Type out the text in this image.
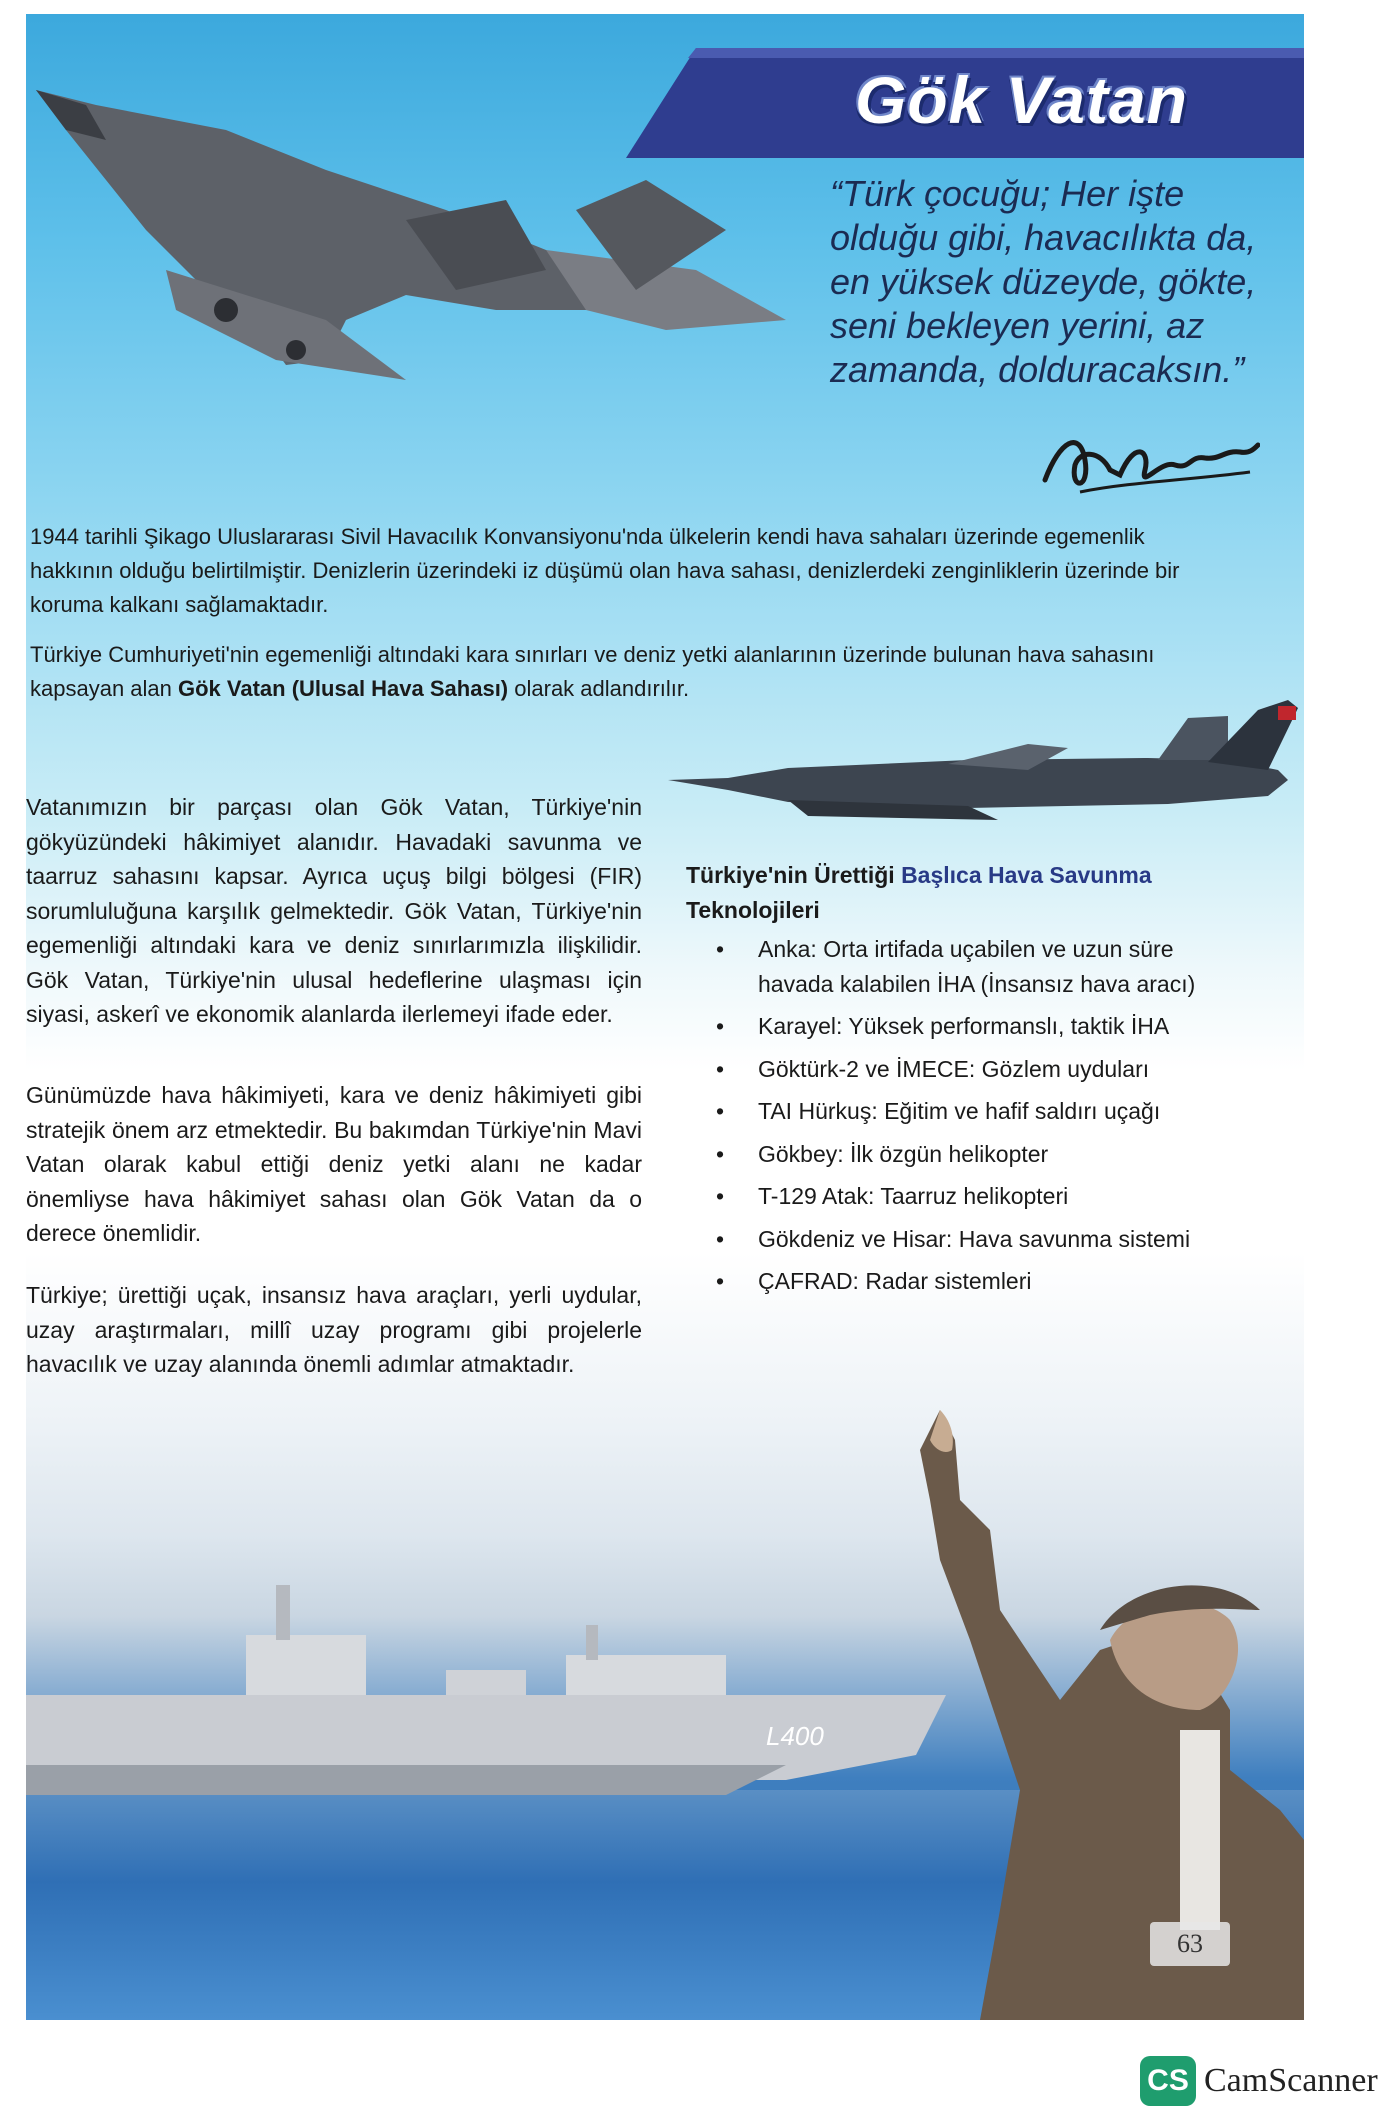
Gök Vatan
“Türk çocuğu; Her işte
olduğu gibi, havacılıkta da,
en yüksek düzeyde, gökte,
seni bekleyen yerini, az
zamanda, dolduracaksın.”

1944 tarihli Şikago Uluslararası Sivil Havacılık Konvansiyonu'nda ülkelerin kendi hava sahaları üzerinde egemenlik hakkının olduğu belirtilmiştir. Denizlerin üzerindeki iz düşümü olan hava sahası, denizlerdeki zenginliklerin üzerinde bir koruma kalkanı sağlamaktadır.

Türkiye Cumhuriyeti'nin egemenliği altındaki kara sınırları ve deniz yetki alanlarının üzerinde bulunan hava sahasını kapsayan alan Gök Vatan (Ulusal Hava Sahası) olarak adlandırılır.

Vatanımızın bir parçası olan Gök Vatan, Türkiye'nin gökyüzündeki hâkimiyet alanıdır. Havadaki savunma ve taarruz sahasını kapsar. Ayrıca uçuş bilgi bölgesi (FIR) sorumluluğuna karşılık gelmektedir. Gök Vatan, Türkiye'nin egemenliği altındaki kara ve deniz sınırlarımızla ilişkilidir. Gök Vatan, Türkiye'nin ulusal hedeflerine ulaşması için siyasi, askerî ve ekonomik alanlarda ilerlemeyi ifade eder.

Günümüzde hava hâkimiyeti, kara ve deniz hâkimiyeti gibi stratejik önem arz etmektedir. Bu bakımdan Türkiye'nin Mavi Vatan olarak kabul ettiği deniz yetki alanı ne kadar önemliyse hava hâkimiyet sahası olan Gök Vatan da o derece önemlidir.

Türkiye; ürettiği uçak, insansız hava araçları, yerli uydular, uzay araştırmaları, millî uzay programı gibi projelerle havacılık ve uzay alanında önemli adımlar atmaktadır.

Türkiye'nin Ürettiği Başlıca Hava Savunma
Teknolojileri

• Anka: Orta irtifada uçabilen ve uzun süre havada kalabilen İHA (İnsansız hava aracı)
• Karayel: Yüksek performanslı, taktik İHA
• Göktürk-2 ve İMECE: Gözlem uyduları
• TAI Hürkuş: Eğitim ve hafif saldırı uçağı
• Gökbey: İlk özgün helikopter
• T-129 Atak: Taarruz helikopteri
• Gökdeniz ve Hisar: Hava savunma sistemi
• ÇAFRAD: Radar sistemleri
L400
63
CS CamScanner
